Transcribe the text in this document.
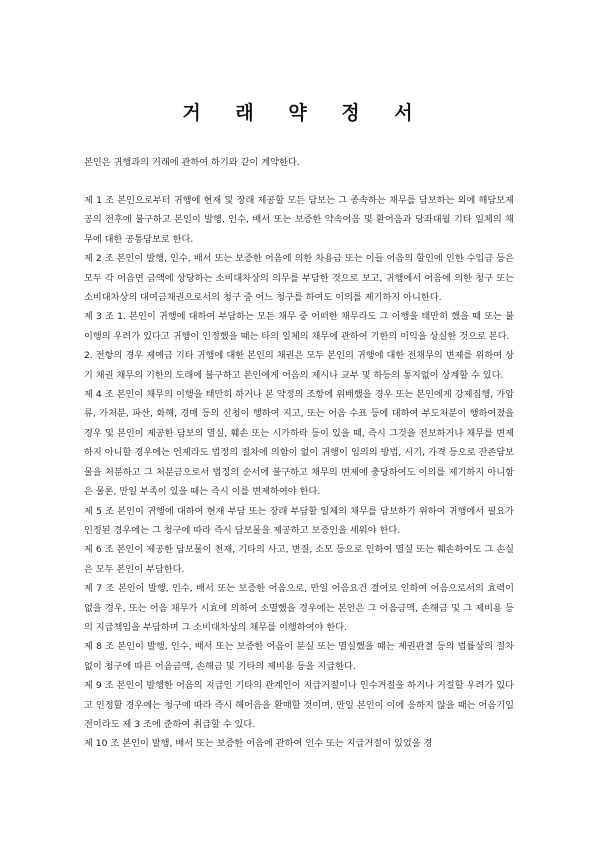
거 래 약 정 서

본인은 귀행과의 거래에 관하여 하기와 같이 계약한다.

제 1 조 본인으로부터 귀행에 현재 및 장래 제공할 모든 담보는 그 종속하는 채무를 담보하는 외에 해담보제공의 전후에 불구하고 본인이 발행, 인수, 배서 또는 보증한 약속어음 및 환어음과 당좌대월 기타 일체의 채무에 대한 공통담보로 한다.

제 2 조 본인이 발행, 인수, 배서 또는 보증한 어음에 의한 차용금 또는 이들 어음의 할인에 인한 수입금 등은 모두 각 어음면 금액에 상당하는 소비대차상의 의무를 부담한 것으로 보고, 귀행에서 어음에 의한 청구 또는 소비대차상의 대여금채권으로서의 청구 중 어느 청구를 하여도 이의를 제기하지 아니한다.

제 3 조 1. 본인이 귀행에 대하여 부담하는 모든 채무 중 어떠한 채무라도 그 이행을 태만히 했을 때 또는 불이행의 우려가 있다고 귀행이 인정했을 때는 타의 일체의 채무에 관하여 기한의 이익을 상실한 것으로 본다.

2. 전항의 경우 제예금 기타 귀행에 대한 본인의 채권은 모두 본인의 귀행에 대한 전채무의 변제를 위하여 상기 채권 채무의 기한의 도래에 불구하고 본인에게 어음의 제시나 교부 및 하등의 통지없이 상계할 수 있다.

제 4 조 본인이 채무의 이행을 태만히 하거나 본 약정의 조항에 위배했을 경우 또는 본인에게 강제집행, 가압류, 가처분, 파산, 화해, 경매 등의 신청이 행하여 지고, 또는 어음 수표 등에 대하여 부도처분이 행하여졌을 경우 및 본인이 제공한 담보의 멸실, 훼손 또는 시가하락 등이 있을 때, 즉시 그것을 전보하거나 채무를 변제하지 아니할 경우에는 언제라도 법정의 절차에 의함이 없이 귀행이 임의의 방법, 시기, 가격 등으로 잔존담보물을 처분하고 그 처분금으로서 법정의 순서에 불구하고 채무의 변제에 충당하여도 이의를 제기하지 아니함은 물론, 만일 부족이 있을 때는 즉시 이를 변제하여야 한다.

제 5 조 본인이 귀행에 대하여 현재 부담 또는 장래 부담할 일체의 채무를 담보하기 위하여 귀행에서 필요가 인정된 경우에는 그 청구에 따라 즉시 담보물을 제공하고 보증인을 세워야 한다.

제 6 조 본인이 제공한 담보물이 천재, 기타의 사고, 변질, 소모 등으로 인하여 멸실 또는 훼손하여도 그 손실은 모두 본인이 부담한다.

제 7 조 본인이 발행, 인수, 배서 또는 보증한 어음으로, 만일 어음요건 결여로 인하여 어음으로서의 효력이 없을 경우, 또는 어음 채무가 시효에 의하여 소멸했을 경우에는 본인은 그 어음금액, 손해금 및 그 제비용 등의 지급책임을 부담하며 그 소비대차상의 채무를 이행하여야 한다.

제 8 조 본인이 발행, 인수, 배서 또는 보증한 어음이 분실 또는 멸실했을 때는 제권판결 등의 법률상의 절차없이 청구에 따른 어음금액, 손해금 및 기타의 제비용 등을 지급한다.

제 9 조 본인이 발행한 어음의 지급인 기타의 관계인이 지급거절이나 인수거절을 하거나 거절할 우려가 있다고 인정할 경우에는 청구에 따라 즉시 해어음을 환매할 것이며, 만일 본인이 이에 응하지 않을 때는 어음기일 전이라도 제 3 조에 준하여 취급할 수 있다.

제 10 조 본인이 발행, 배서 또는 보증한 어음에 관하여 인수 또는 지급거절이 있었을 경
